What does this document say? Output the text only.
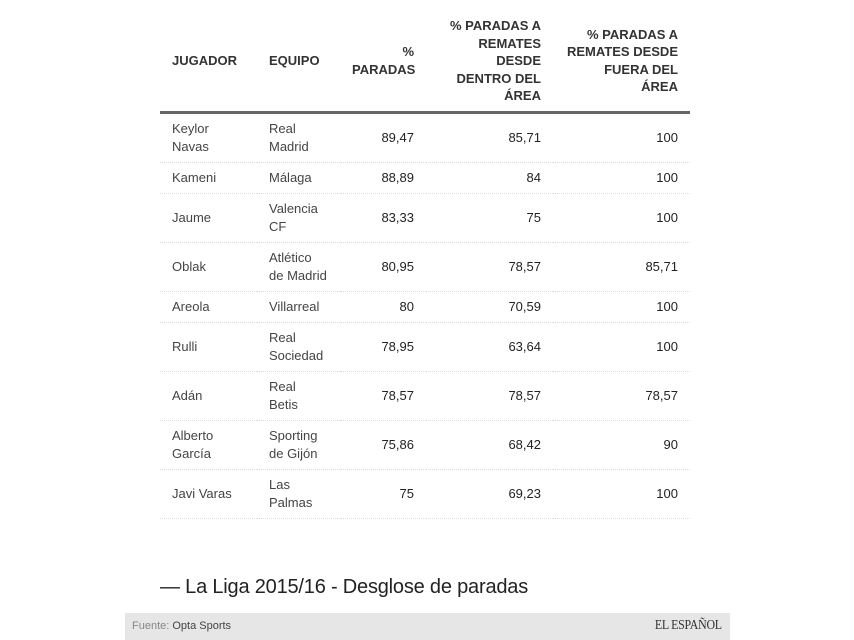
JUGADOR	EQUIPO	% PARADAS	% PARADAS A REMATES DESDE DENTRO DEL ÁREA	% PARADAS A REMATES DESDE FUERA DEL ÁREA
Keylor Navas	Real Madrid	89,47	85,71	100
Kameni	Málaga	88,89	84	100
Jaume	Valencia CF	83,33	75	100
Oblak	Atlético de Madrid	80,95	78,57	85,71
Areola	Villarreal	80	70,59	100
Rulli	Real Sociedad	78,95	63,64	100
Adán	Real Betis	78,57	78,57	78,57
Alberto García	Sporting de Gijón	75,86	68,42	90
Javi Varas	Las Palmas	75	69,23	100
— La Liga 2015/16 - Desglose de paradas
Fuente: Opta Sports	EL ESPAÑOL
